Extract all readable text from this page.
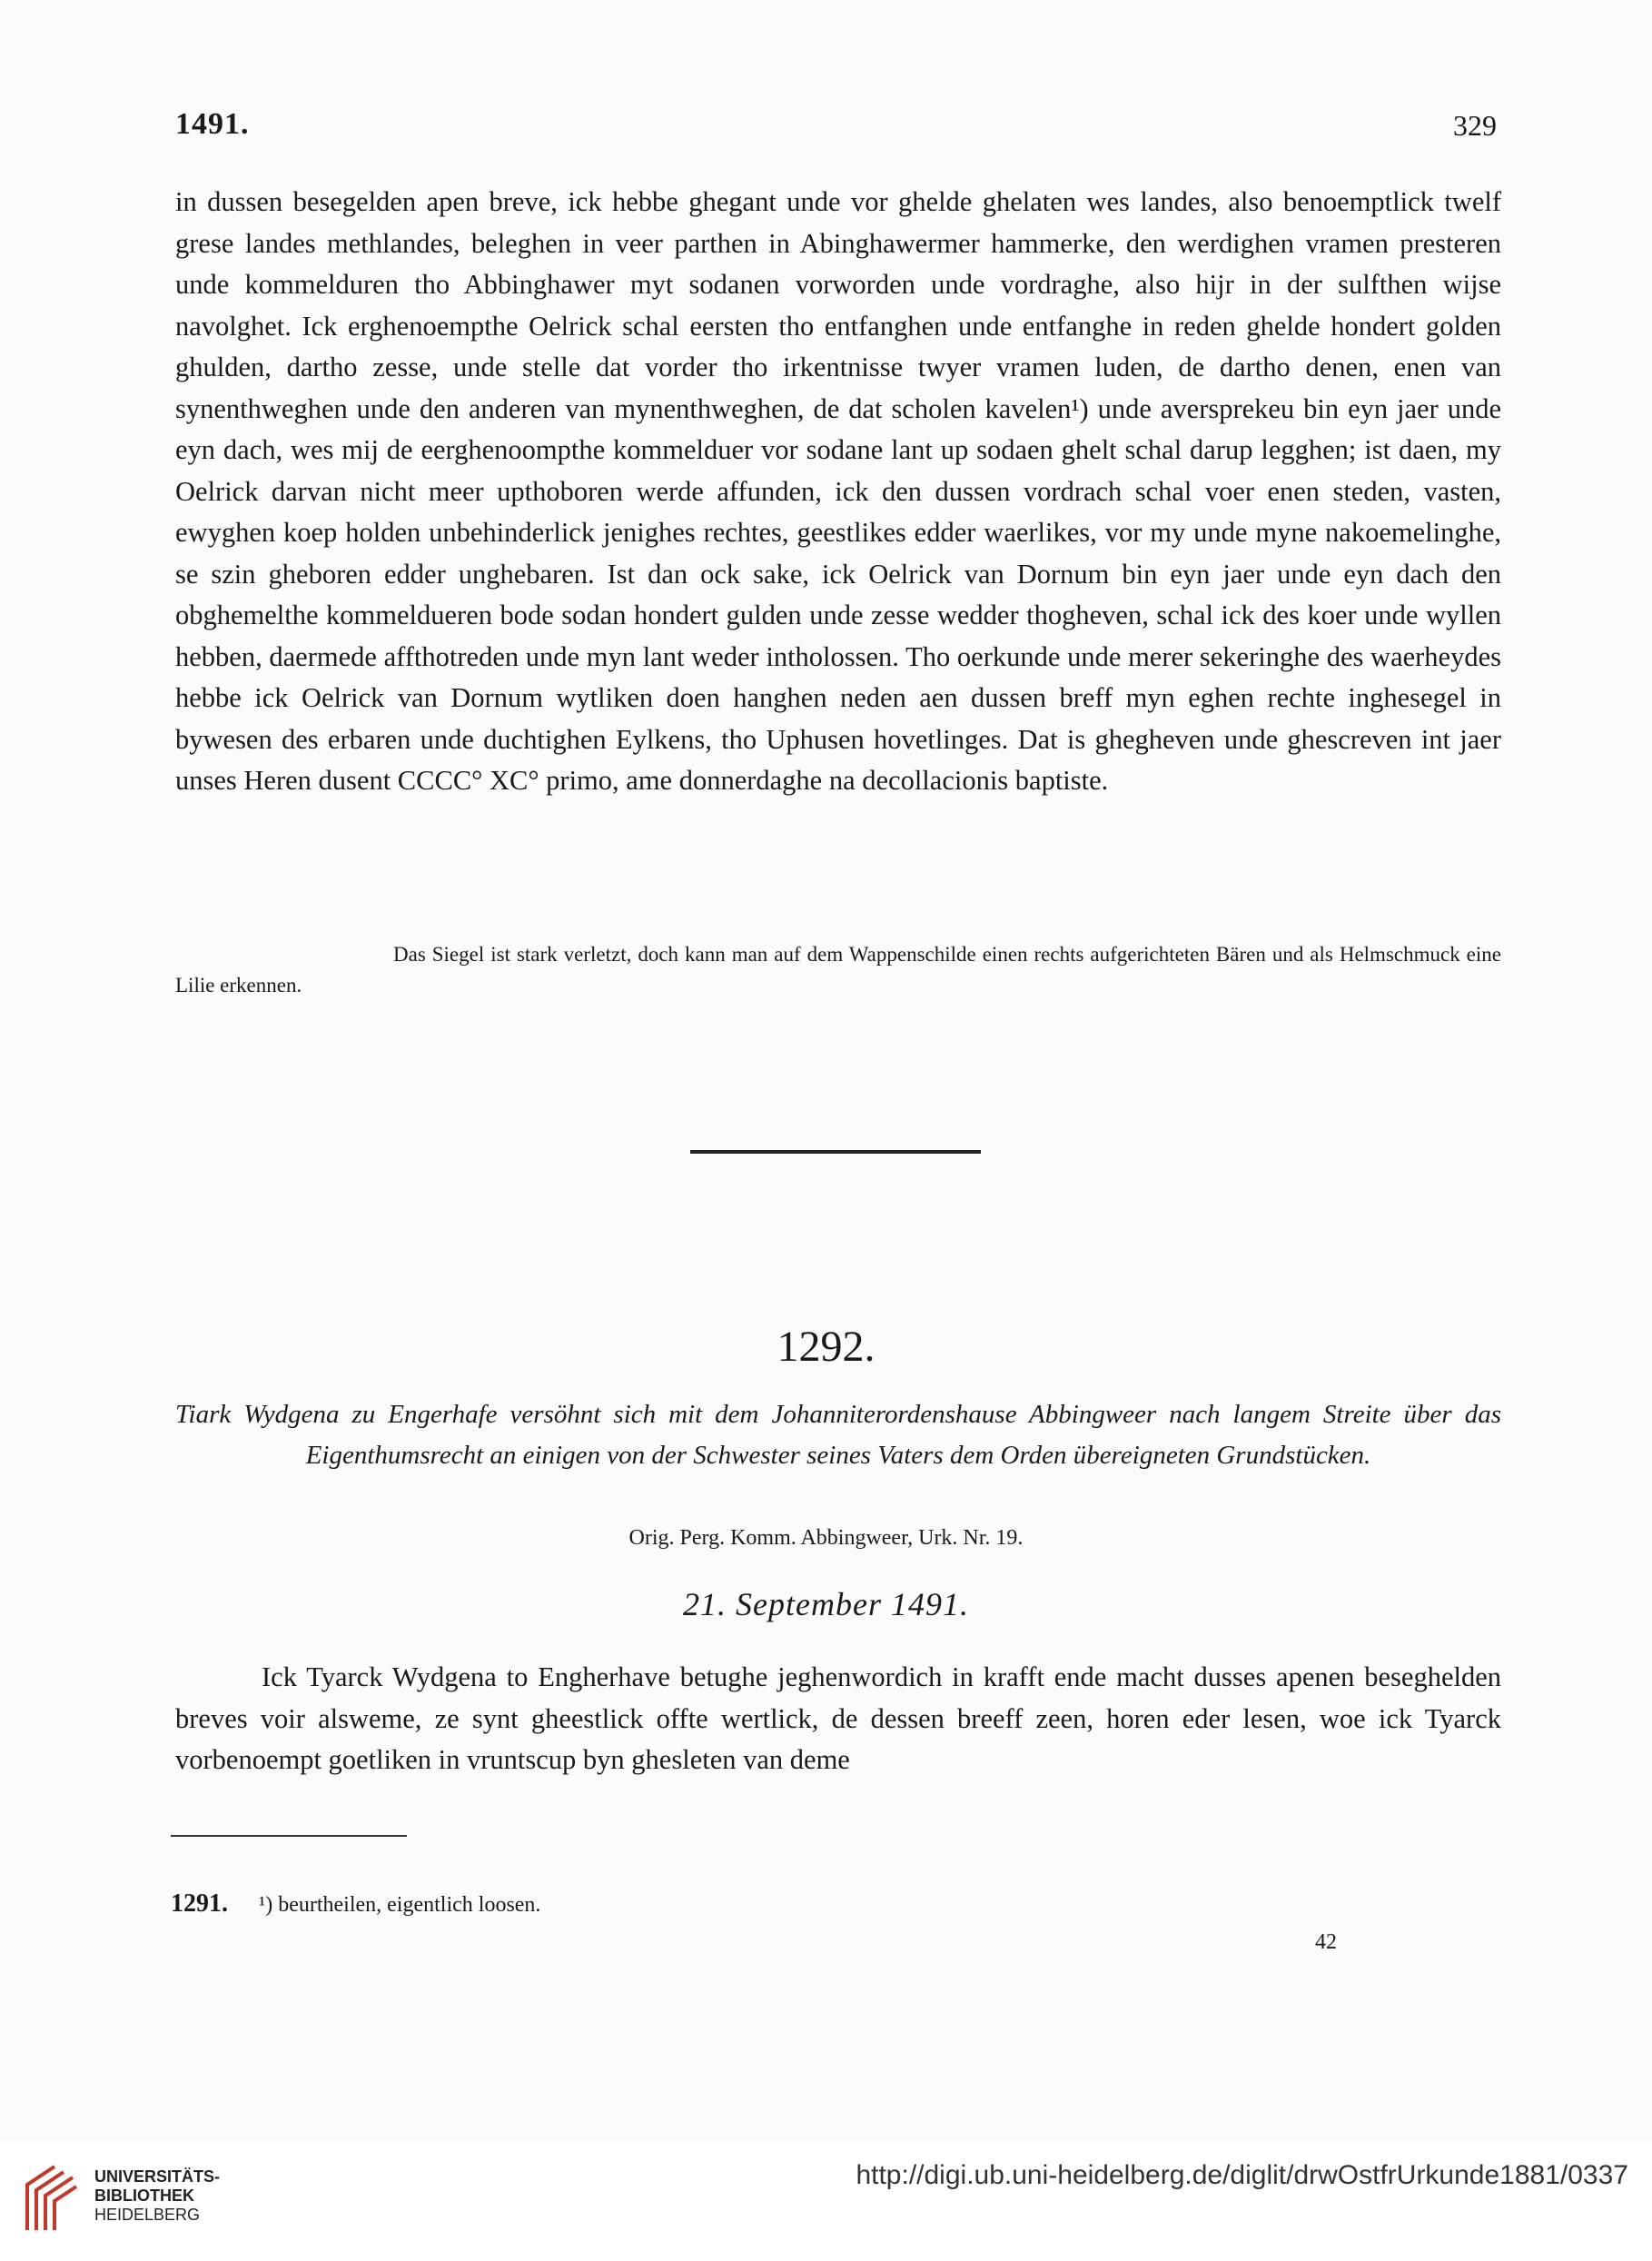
1491.	329

in dussen besegelden apen breve, ick hebbe ghegant unde vor ghelde ghelaten wes landes, also benoemptlick twelf grese landes methlandes, beleghen in veer parthen in Abinghawermer hammerke, den werdighen vramen presteren unde kommelduren tho Abbinghawer myt sodanen vorworden unde vordraghe, also hijr in der sulfthen wijse navolghet. Ick erghenoempthe Oelrick schal eersten tho entfanghen unde entfanghe in reden ghelde hondert golden ghulden, dartho zesse, unde stelle dat vorder tho irkentnisse twyer vramen luden, de dartho denen, enen van synenthweghen unde den anderen van mynenthweghen, de dat scholen kavelen¹) unde aversprekeu bin eyn jaer unde eyn dach, wes mij de eerghenoompthe kommelduer vor sodane lant up sodaen ghelt schal darup legghen; ist daen, my Oelrick darvan nicht meer upthoboren werde affunden, ick den dussen vordrach schal voer enen steden, vasten, ewyghen koep holden unbehinderlick jenighes rechtes, geestlikes edder waerlikes, vor my unde myne nakoemelinghe, se szin gheboren edder unghebaren. Ist dan ock sake, ick Oelrick van Dornum bin eyn jaer unde eyn dach den obghemelthe kommeldueren bode sodan hondert gulden unde zesse wedder thogheven, schal ick des koer unde wyllen hebben, daermede affthotreden unde myn lant weder intholossen. Tho oerkunde unde merer sekeringhe des waerheydes hebbe ick Oelrick van Dornum wytliken doen hanghen neden aen dussen breff myn eghen rechte inghesegel in bywesen des erbaren unde duchtighen Eylkens, tho Uphusen hovetlinges. Dat is ghegheven unde ghescreven int jaer unses Heren dusent CCCC° XC° primo, ame donnerdaghe na decollacionis baptiste.

Das Siegel ist stark verletzt, doch kann man auf dem Wappenschilde einen rechts aufgerichteten Bären und als Helmschmuck eine Lilie erkennen.
1292.
Tiark Wydgena zu Engerhafe versöhnt sich mit dem Johanniterordenshause Abbingweer nach langem Streite über das Eigenthumsrecht an einigen von der Schwester seines Vaters dem Orden übereigneten Grundstücken.
Orig. Perg. Komm. Abbingweer, Urk. Nr. 19.
21. September 1491.

Ick Tyarck Wydgena to Engherhave betughe jeghenwordich in krafft ende macht dusses apenen beseghelden breves voir alsweme, ze synt gheestlick offte wertlick, de dessen breeff zeen, horen eder lesen, woe ick Tyarck vorbenoempt goetliken in vruntscup byn ghesleten van deme

1291. ¹) beurtheilen, eigentlich loosen.
42
UNIVERSITÄTS-
BIBLIOTHEK
HEIDELBERG
http://digi.ub.uni-heidelberg.de/diglit/drwOstfrUrkunde1881/0337
